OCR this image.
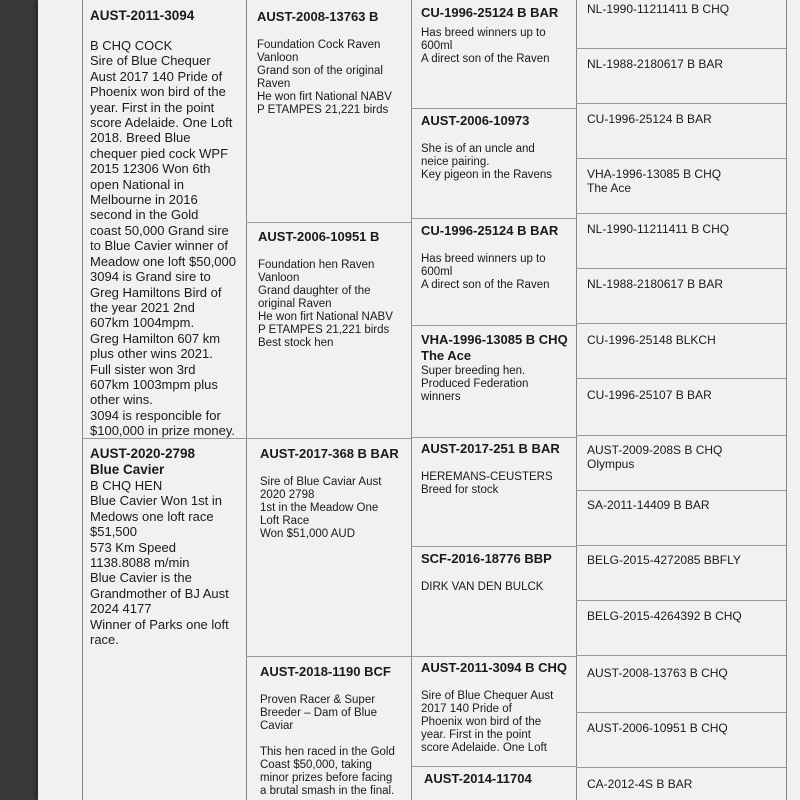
AUST-2011-3094
B CHQ COCK
Sire of Blue Chequer
Aust 2017 140 Pride of
Phoenix won bird of the
year. First in the point
score Adelaide. One Loft
2018. Breed Blue
chequer pied cock WPF
2015 12306 Won 6th
open National in
Melbourne in 2016
second in the Gold
coast 50,000 Grand sire
to Blue Cavier winner of
Meadow one loft $50,000
3094 is Grand sire to
Greg Hamiltons Bird of
the year 2021 2nd
607km 1004mpm.
Greg Hamilton 607 km
plus other wins 2021.
Full sister won 3rd
607km 1003mpm plus
other wins.
3094 is responcible for
$100,000 in prize money.
AUST-2020-2798
Blue Cavier
B CHQ HEN
Blue Cavier Won 1st in
Medows one loft race
$51,500
573 Km Speed
1138.8088 m/min
Blue Cavier is the
Grandmother of BJ Aust
2024 4177
Winner of Parks one loft
race.
AUST-2008-13763 B
Foundation Cock Raven
Vanloon
Grand son of the original
Raven
He won firt National NABV
P ETAMPES 21,221 birds
AUST-2006-10951 B
Foundation hen Raven
Vanloon
Grand daughter of the
original Raven
He won firt National NABV
P ETAMPES 21,221 birds
Best stock hen
AUST-2017-368 B BAR
Sire of Blue Caviar Aust
2020 2798
1st in the Meadow One
Loft Race
Won $51,000 AUD
AUST-2018-1190 BCF
Proven Racer & Super
Breeder – Dam of Blue
Caviar

This hen raced in the Gold
Coast $50,000, taking
minor prizes before facing
a brutal smash in the final.
CU-1996-25124 B BAR
Has breed winners up to
600ml
A direct son of the Raven
AUST-2006-10973
She is of an uncle and
neice pairing.
Key pigeon in the Ravens
CU-1996-25124 B BAR
Has breed winners up to
600ml
A direct son of the Raven
VHA-1996-13085 B CHQ
The Ace
Super breeding hen.
Produced Federation
winners
AUST-2017-251 B BAR
HEREMANS-CEUSTERS
Breed for stock
SCF-2016-18776 BBP
DIRK VAN DEN BULCK
AUST-2011-3094 B CHQ
Sire of Blue Chequer Aust
2017 140 Pride of
Phoenix won bird of the
year. First in the point
score Adelaide. One Loft
AUST-2014-11704
NL-1990-11211411 B CHQ
NL-1988-2180617 B BAR
CU-1996-25124 B BAR
VHA-1996-13085 B CHQ
The Ace
NL-1990-11211411 B CHQ
NL-1988-2180617 B BAR
CU-1996-25148 BLKCH
CU-1996-25107 B BAR
AUST-2009-208S B CHQ
Olympus
SA-2011-14409 B BAR
BELG-2015-4272085 BBFLY
BELG-2015-4264392 B CHQ
AUST-2008-13763 B CHQ
AUST-2006-10951 B CHQ
CA-2012-4S B BAR
